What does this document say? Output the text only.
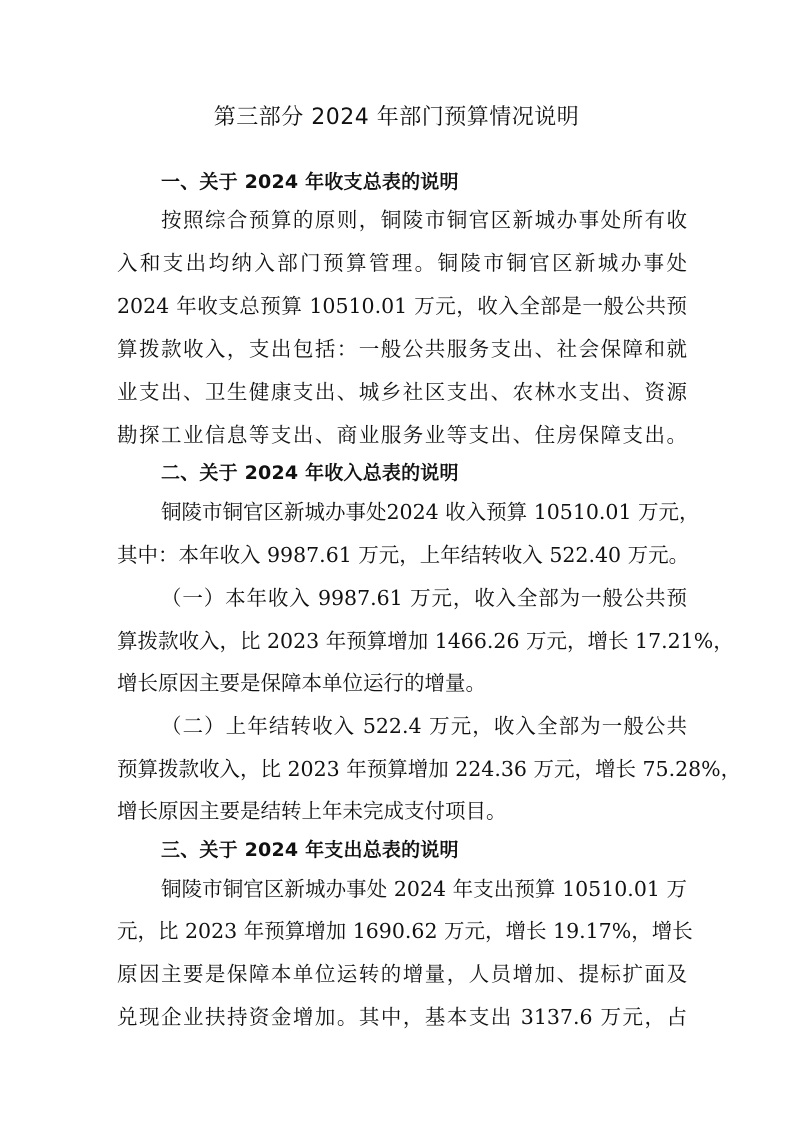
第三部分 2024 年部门预算情况说明
一、关于 2024 年收支总表的说明
按照综合预算的原则，铜陵市铜官区新城办事处所有收
入和支出均纳入部门预算管理。铜陵市铜官区新城办事处
2024 年收支总预算 10510.01 万元，收入全部是一般公共预
算拨款收入，支出包括：一般公共服务支出、社会保障和就
业支出、卫生健康支出、城乡社区支出、农林水支出、资源
勘探工业信息等支出、商业服务业等支出、住房保障支出。
二、关于 2024 年收入总表的说明
铜陵市铜官区新城办事处2024 收入预算 10510.01 万元，
其中：本年收入 9987.61 万元，上年结转收入 522.40 万元。
（一）本年收入 9987.61 万元，收入全部为一般公共预
算拨款收入，比 2023 年预算增加 1466.26 万元，增长 17.21%，
增长原因主要是保障本单位运行的增量。
（二）上年结转收入 522.4 万元，收入全部为一般公共
预算拨款收入，比 2023 年预算增加 224.36 万元，增长 75.28%，
增长原因主要是结转上年未完成支付项目。
三、关于 2024 年支出总表的说明
铜陵市铜官区新城办事处 2024 年支出预算 10510.01 万
元，比 2023 年预算增加 1690.62 万元，增长 19.17%，增长
原因主要是保障本单位运转的增量，人员增加、提标扩面及
兑现企业扶持资金增加。其中，基本支出 3137.6 万元，占
